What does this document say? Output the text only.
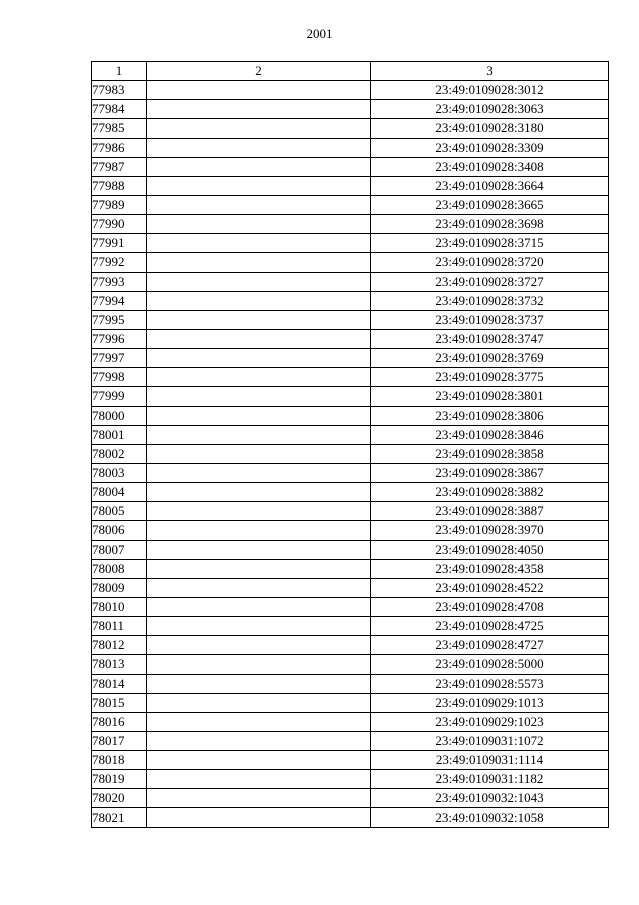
2001
1	2	3
77983		23:49:0109028:3012
77984		23:49:0109028:3063
77985		23:49:0109028:3180
77986		23:49:0109028:3309
77987		23:49:0109028:3408
77988		23:49:0109028:3664
77989		23:49:0109028:3665
77990		23:49:0109028:3698
77991		23:49:0109028:3715
77992		23:49:0109028:3720
77993		23:49:0109028:3727
77994		23:49:0109028:3732
77995		23:49:0109028:3737
77996		23:49:0109028:3747
77997		23:49:0109028:3769
77998		23:49:0109028:3775
77999		23:49:0109028:3801
78000		23:49:0109028:3806
78001		23:49:0109028:3846
78002		23:49:0109028:3858
78003		23:49:0109028:3867
78004		23:49:0109028:3882
78005		23:49:0109028:3887
78006		23:49:0109028:3970
78007		23:49:0109028:4050
78008		23:49:0109028:4358
78009		23:49:0109028:4522
78010		23:49:0109028:4708
78011		23:49:0109028:4725
78012		23:49:0109028:4727
78013		23:49:0109028:5000
78014		23:49:0109028:5573
78015		23:49:0109029:1013
78016		23:49:0109029:1023
78017		23:49:0109031:1072
78018		23:49:0109031:1114
78019		23:49:0109031:1182
78020		23:49:0109032:1043
78021		23:49:0109032:1058
